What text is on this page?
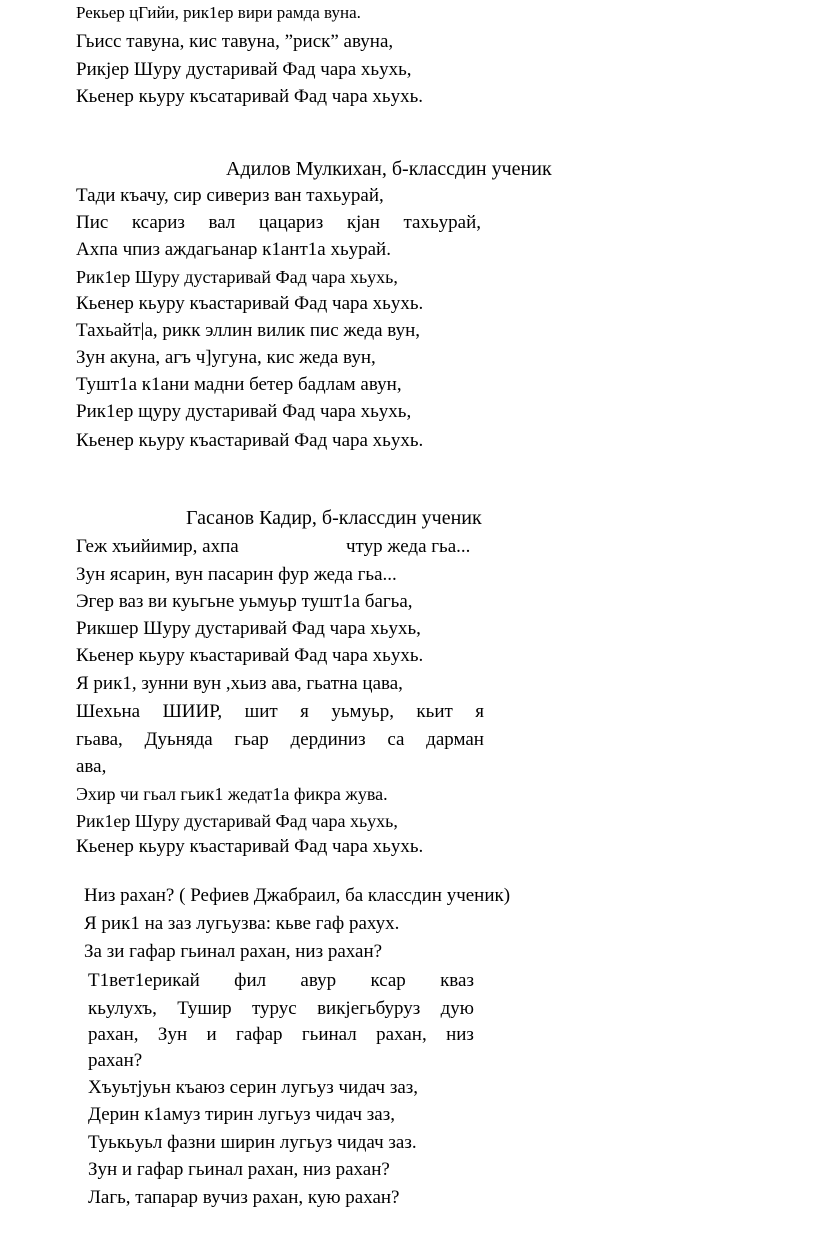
Рекьер цГийи, рик1ер вири рамда вуна.
Гьисс тавуна, кис тавуна, ”риск” авуна,
Рикјер Шуру дустаривай Фад чара хьухь,
Кьенер кьуру късатаривай Фад чара хьухь.
Адилов Мулкихан, б-классдин ученик
Тади къачу, сир сивериз ван тахьурай,
Пис ксариз вал цацариз кјан тахьурай,
Ахпа чпиз аждагьанар к1ант1а хьурай.
Рик1ер Шуру дустаривай Фад чара хьухь,
Кьенер кьуру къастаривай Фад чара хьухь.
Тахьайт|а, рикк эллин вилик пис жеда вун,
Зун акуна, агъ ч]угуна, кис жеда вун,
Тушт1а к1ани мадни бетер бадлам авун,
Рик1ер щуру дустаривай Фад чара хьухь,
Кьенер кьуру къастаривай Фад чара хьухь.
Гасанов Кадир, б-классдин ученик
Геж хъийимир, ахпа	чтур жеда гьа...
Зун ясарин, вун пасарин фур жеда гьа...
Эгер ваз ви куьгьне уьмуьр тушт1а багьа,
Рикшер Шуру дустаривай Фад чара хьухь,
Кьенер кьуру къастаривай Фад чара хьухь.
Я рик1, зунни вун ,хьиз ава, гьатна цава,
Шехьна ШИИР, шит я уьмуьр, кьит я
гьава, Дуьняда гьар дердиниз са дарман
ава,
Эхир чи гьал гьик1 жедат1а фикра жува.
Рик1ер Шуру дустаривай Фад чара хьухь,
Кьенер кьуру къастаривай Фад чара хьухь.
Низ рахан? ( Рефиев Джабраил, ба классдин ученик)
Я рик1 на заз лугьузва: кьве гаф рахух.
За зи гафар гьинал рахан, низ рахан?
Т1вет1ерикай фил авур ксар кваз
кьулухъ, Тушир турус викјегьбуруз дую
рахан, Зун и гафар гьинал рахан, низ
рахан?
Хъуьтјуьн къаюз серин лугьуз чидач заз,
Дерин к1амуз тирин лугьуз чидач заз,
Туькьуьл фазни ширин лугьуз чидач заз.
Зун и гафар гьинал рахан, низ рахан?
Лагь, тапарар вучиз рахан, кую рахан?
